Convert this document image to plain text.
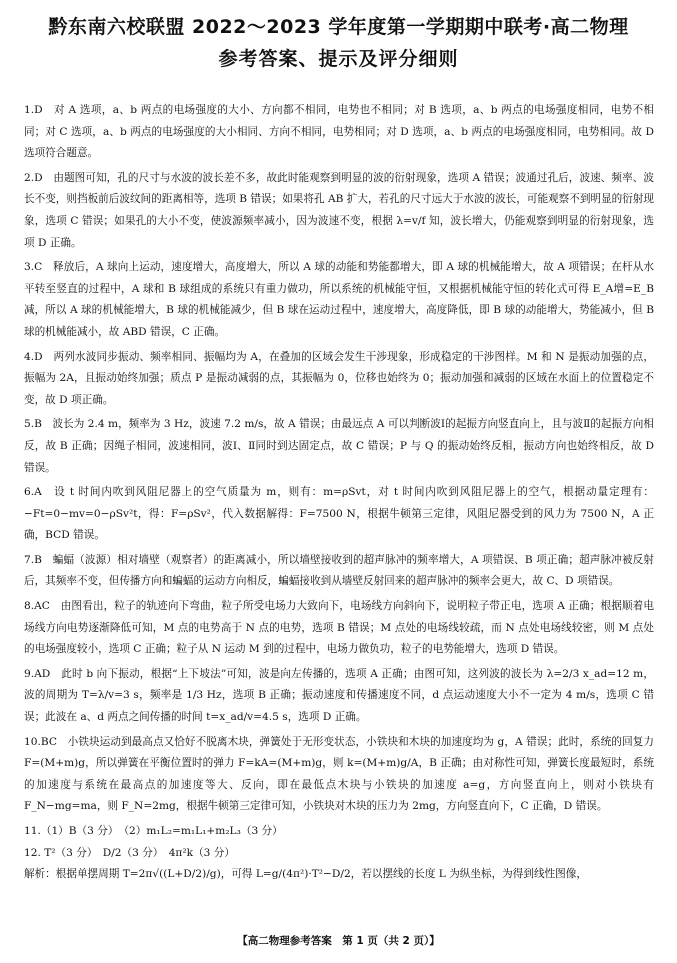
黔东南六校联盟 2022～2023 学年度第一学期期中联考·高二物理
参考答案、提示及评分细则

1.D　对 A 选项，a、b 两点的电场强度的大小、方向都不相同，电势也不相同；对 B 选项，a、b 两点的电场强度相同，电势不相同；对 C 选项，a、b 两点的电场强度的大小相同、方向不相同，电势相同；对 D 选项，a、b 两点的电场强度相同，电势相同。故 D 选项符合题意。

2.D　由题图可知，孔的尺寸与水波的波长差不多，故此时能观察到明显的波的衍射现象，选项 A 错误；波通过孔后，波速、频率、波长不变，则挡板前后波纹间的距离相等，选项 B 错误；如果将孔 AB 扩大，若孔的尺寸远大于水波的波长，可能观察不到明显的衍射现象，选项 C 错误；如果孔的大小不变，使波源频率减小，因为波速不变，根据 λ=v/f 知，波长增大，仍能观察到明显的衍射现象，选项 D 正确。

3.C　释放后，A 球向上运动，速度增大，高度增大，所以 A 球的动能和势能都增大，即 A 球的机械能增大，故 A 项错误；在杆从水平转至竖直的过程中，A 球和 B 球组成的系统只有重力做功，所以系统的机械能守恒，又根据机械能守恒的转化式可得 E_A增=E_B减，所以 A 球的机械能增大，B 球的机械能减少，但 B 球在运动过程中，速度增大，高度降低，即 B 球的动能增大，势能减小，但 B 球的机械能减小，故 ABD 错误，C 正确。

4.D　两列水波同步振动、频率相同、振幅均为 A，在叠加的区域会发生干涉现象，形成稳定的干涉图样。M 和 N 是振动加强的点，振幅为 2A，且振动始终加强；质点 P 是振动减弱的点，其振幅为 0，位移也始终为 0；振动加强和减弱的区域在水面上的位置稳定不变，故 D 项正确。

5.B　波长为 2.4 m，频率为 3 Hz，波速 7.2 m/s，故 A 错误；由最远点 A 可以判断波Ⅰ的起振方向竖直向上，且与波Ⅱ的起振方向相反，故 B 正确；因绳子相同，波速相同，波Ⅰ、Ⅱ同时到达固定点，故 C 错误；P 与 Q 的振动始终反相，振动方向也始终相反，故 D 错误。

6.A　设 t 时间内吹到风阻尼器上的空气质量为 m，则有：m=ρSvt，对 t 时间内吹到风阻尼器上的空气，根据动量定理有：−Ft=0−mv=0−ρSv²t，得：F=ρSv²，代入数据解得：F=7500 N，根据牛顿第三定律，风阻尼器受到的风力为 7500 N，A 正确，BCD 错误。

7.B　蝙蝠（波源）相对墙壁（观察者）的距离减小，所以墙壁接收到的超声脉冲的频率增大，A 项错误、B 项正确；超声脉冲被反射后，其频率不变，但传播方向和蝙蝠的运动方向相反，蝙蝠接收到从墙壁反射回来的超声脉冲的频率会更大，故 C、D 项错误。

8.AC　由图看出，粒子的轨迹向下弯曲，粒子所受电场力大致向下，电场线方向斜向下，说明粒子带正电，选项 A 正确；根据顺着电场线方向电势逐渐降低可知，M 点的电势高于 N 点的电势，选项 B 错误；M 点处的电场线较疏，而 N 点处电场线较密，则 M 点处的电场强度较小，选项 C 正确；粒子从 N 运动 M 到的过程中，电场力做负功，粒子的电势能增大，选项 D 错误。

9.AD　此时 b 向下振动，根据“上下坡法”可知，波是向左传播的，选项 A 正确；由图可知，这列波的波长为 λ=2/3 x_ad=12 m，波的周期为 T=λ/v=3 s，频率是 1/3 Hz，选项 B 正确；振动速度和传播速度不同，d 点运动速度大小不一定为 4 m/s，选项 C 错误；此波在 a、d 两点之间传播的时间 t=x_ad/v=4.5 s，选项 D 正确。

10.BC　小铁块运动到最高点又恰好不脱离木块，弹簧处于无形变状态，小铁块和木块的加速度均为 g，A 错误；此时，系统的回复力 F=(M+m)g，所以弹簧在平衡位置时的弹力 F=kA=(M+m)g，则 k=(M+m)g/A，B 正确；由对称性可知，弹簧长度最短时，系统的加速度与系统在最高点的加速度等大、反向，即在最低点木块与小铁块的加速度 a=g，方向竖直向上，则对小铁块有 F_N−mg=ma，则 F_N=2mg，根据牛顿第三定律可知，小铁块对木块的压力为 2mg，方向竖直向下，C 正确，D 错误。

11.（1）B（3 分）　（2）m₁L₂=m₁L₁+m₂L₃（3 分）

12. T²（3 分）　D/2（3 分）　4π²k（3 分）

解析：根据单摆周期 T=2π√((L+D/2)/g)，可得 L=g/(4π²)·T²−D/2，若以摆线的长度 L 为纵坐标，为得到线性图像，

【高二物理参考答案　第 1 页（共 2 页）】
